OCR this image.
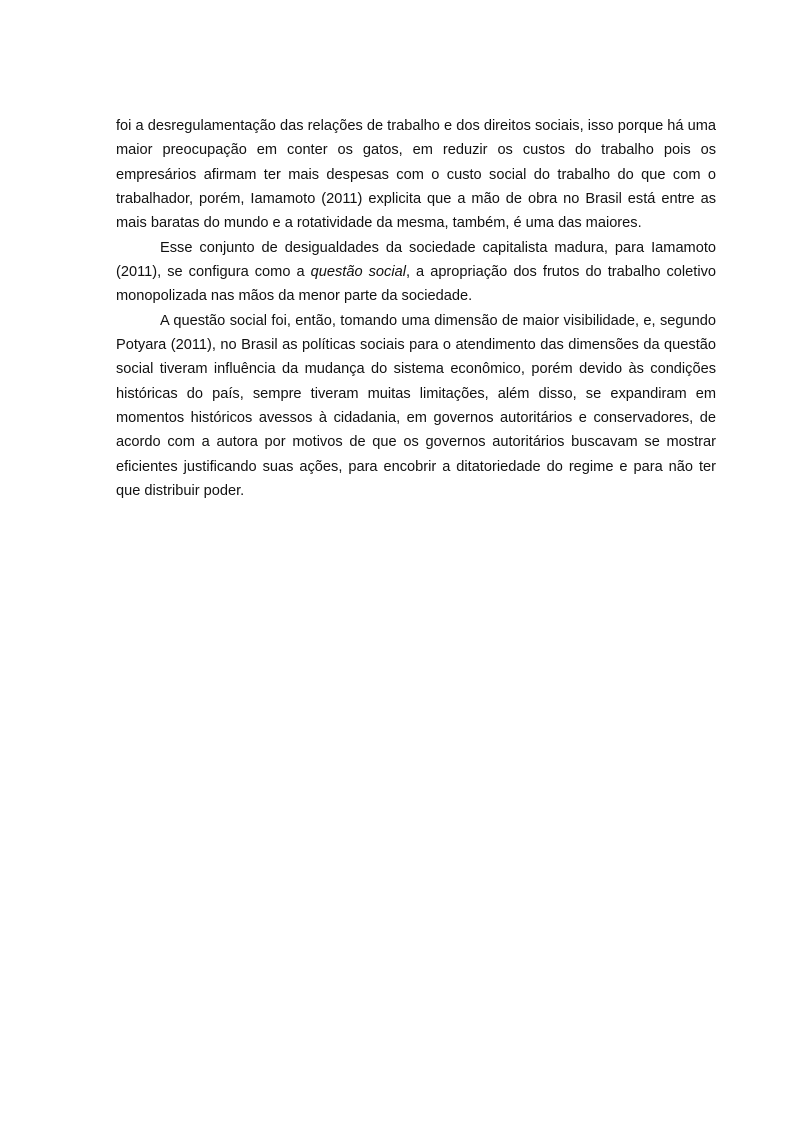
foi a desregulamentação das relações de trabalho e dos direitos sociais, isso porque há uma maior preocupação em conter os gatos, em reduzir os custos do trabalho pois os empresários afirmam ter mais despesas com o custo social do trabalho do que com o trabalhador, porém, Iamamoto (2011) explicita que a mão de obra no Brasil está entre as mais baratas do mundo e a rotatividade da mesma, também, é uma das maiores.

Esse conjunto de desigualdades da sociedade capitalista madura, para Iamamoto (2011), se configura como a questão social, a apropriação dos frutos do trabalho coletivo monopolizada nas mãos da menor parte da sociedade.

A questão social foi, então, tomando uma dimensão de maior visibilidade, e, segundo Potyara (2011), no Brasil as políticas sociais para o atendimento das dimensões da questão social tiveram influência da mudança do sistema econômico, porém devido às condições históricas do país, sempre tiveram muitas limitações, além disso, se expandiram em momentos históricos avessos à cidadania, em governos autoritários e conservadores, de acordo com a autora por motivos de que os governos autoritários buscavam se mostrar eficientes justificando suas ações, para encobrir a ditatoriedade do regime e para não ter que distribuir poder.
